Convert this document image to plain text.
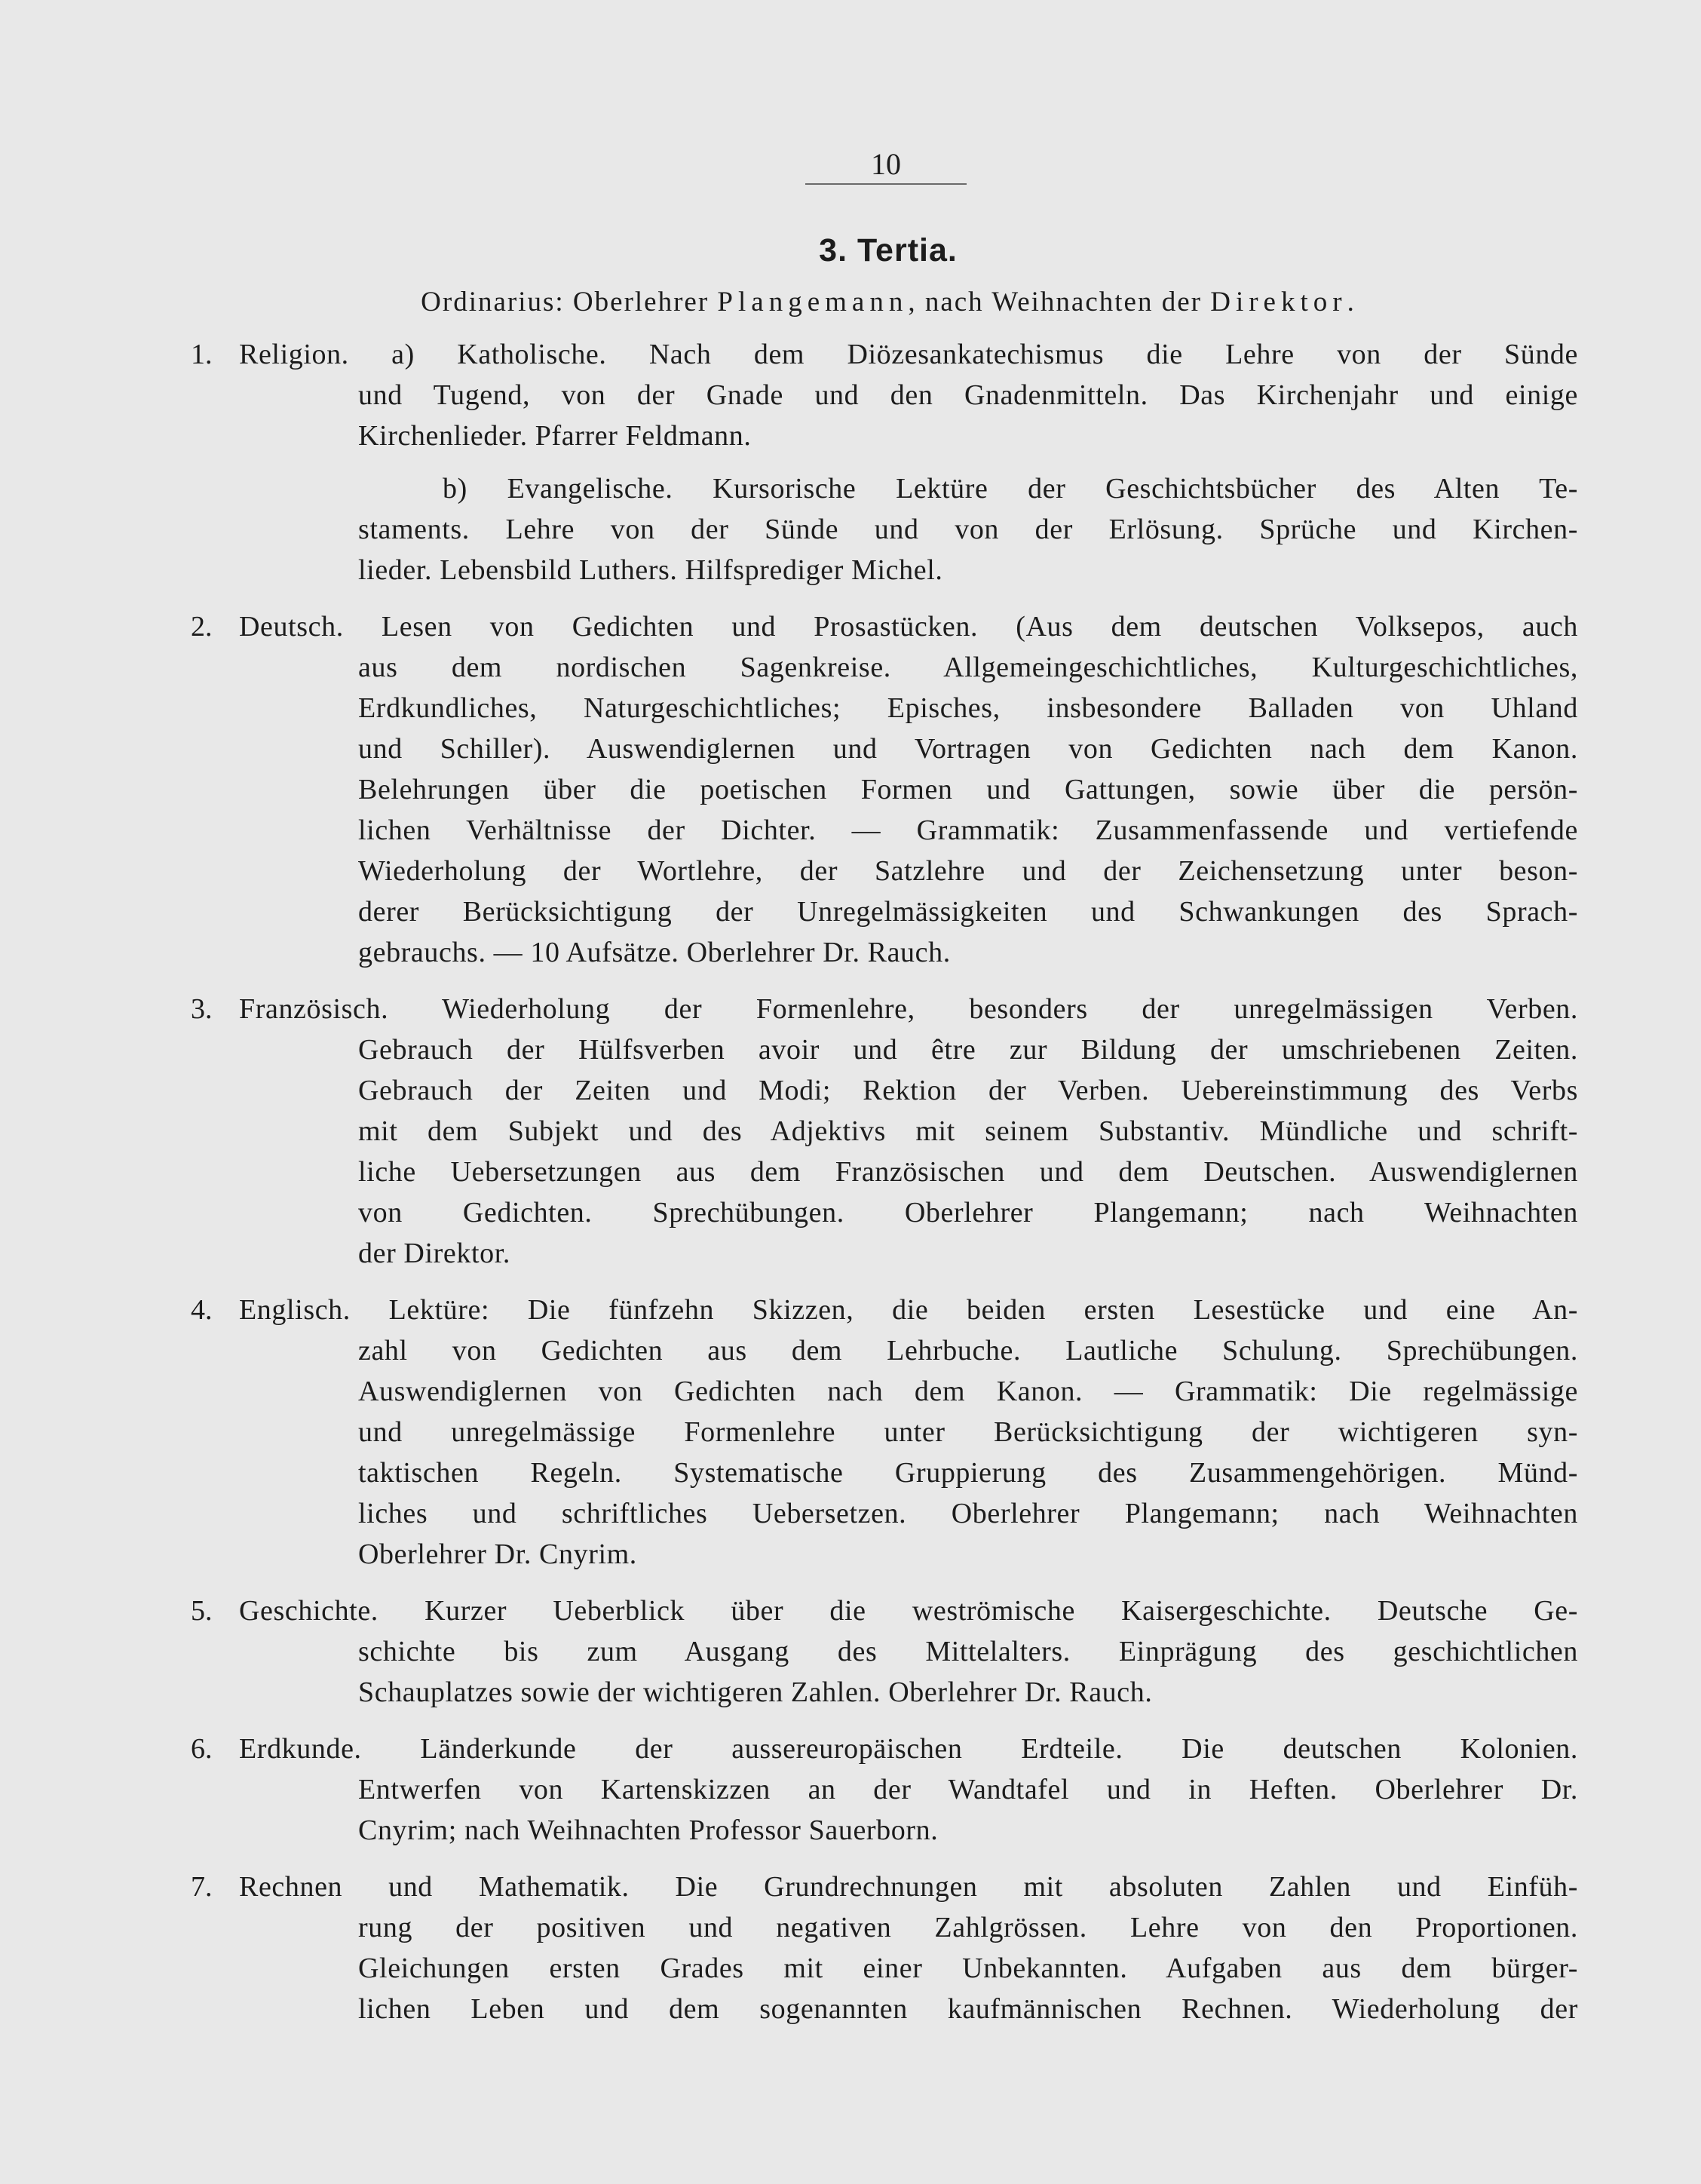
10
3. Tertia.
Ordinarius: Oberlehrer Plangemann, nach Weihnachten der Direktor.
1. Religion. a) Katholische. Nach dem Diözesankatechismus die Lehre von der Sünde
und Tugend, von der Gnade und den Gnadenmitteln. Das Kirchenjahr und einige
Kirchenlieder. Pfarrer Feldmann.
b) Evangelische. Kursorische Lektüre der Geschichtsbücher des Alten Te-
staments. Lehre von der Sünde und von der Erlösung. Sprüche und Kirchen-
lieder. Lebensbild Luthers. Hilfsprediger Michel.
2. Deutsch. Lesen von Gedichten und Prosastücken. (Aus dem deutschen Volksepos, auch
aus dem nordischen Sagenkreise. Allgemeingeschichtliches, Kulturgeschichtliches,
Erdkundliches, Naturgeschichtliches; Episches, insbesondere Balladen von Uhland
und Schiller). Auswendiglernen und Vortragen von Gedichten nach dem Kanon.
Belehrungen über die poetischen Formen und Gattungen, sowie über die persön-
lichen Verhältnisse der Dichter. — Grammatik: Zusammenfassende und vertiefende
Wiederholung der Wortlehre, der Satzlehre und der Zeichensetzung unter beson-
derer Berücksichtigung der Unregelmässigkeiten und Schwankungen des Sprach-
gebrauchs. — 10 Aufsätze. Oberlehrer Dr. Rauch.
3. Französisch. Wiederholung der Formenlehre, besonders der unregelmässigen Verben.
Gebrauch der Hülfsverben avoir und être zur Bildung der umschriebenen Zeiten.
Gebrauch der Zeiten und Modi; Rektion der Verben. Uebereinstimmung des Verbs
mit dem Subjekt und des Adjektivs mit seinem Substantiv. Mündliche und schrift-
liche Uebersetzungen aus dem Französischen und dem Deutschen. Auswendiglernen
von Gedichten. Sprechübungen. Oberlehrer Plangemann; nach Weihnachten
der Direktor.
4. Englisch. Lektüre: Die fünfzehn Skizzen, die beiden ersten Lesestücke und eine An-
zahl von Gedichten aus dem Lehrbuche. Lautliche Schulung. Sprechübungen.
Auswendiglernen von Gedichten nach dem Kanon. — Grammatik: Die regelmässige
und unregelmässige Formenlehre unter Berücksichtigung der wichtigeren syn-
taktischen Regeln. Systematische Gruppierung des Zusammengehörigen. Münd-
liches und schriftliches Uebersetzen. Oberlehrer Plangemann; nach Weihnachten
Oberlehrer Dr. Cnyrim.
5. Geschichte. Kurzer Ueberblick über die weströmische Kaisergeschichte. Deutsche Ge-
schichte bis zum Ausgang des Mittelalters. Einprägung des geschichtlichen
Schauplatzes sowie der wichtigeren Zahlen. Oberlehrer Dr. Rauch.
6. Erdkunde. Länderkunde der aussereuropäischen Erdteile. Die deutschen Kolonien.
Entwerfen von Kartenskizzen an der Wandtafel und in Heften. Oberlehrer Dr.
Cnyrim; nach Weihnachten Professor Sauerborn.
7. Rechnen und Mathematik. Die Grundrechnungen mit absoluten Zahlen und Einfüh-
rung der positiven und negativen Zahlgrössen. Lehre von den Proportionen.
Gleichungen ersten Grades mit einer Unbekannten. Aufgaben aus dem bürger-
lichen Leben und dem sogenannten kaufmännischen Rechnen. Wiederholung der
